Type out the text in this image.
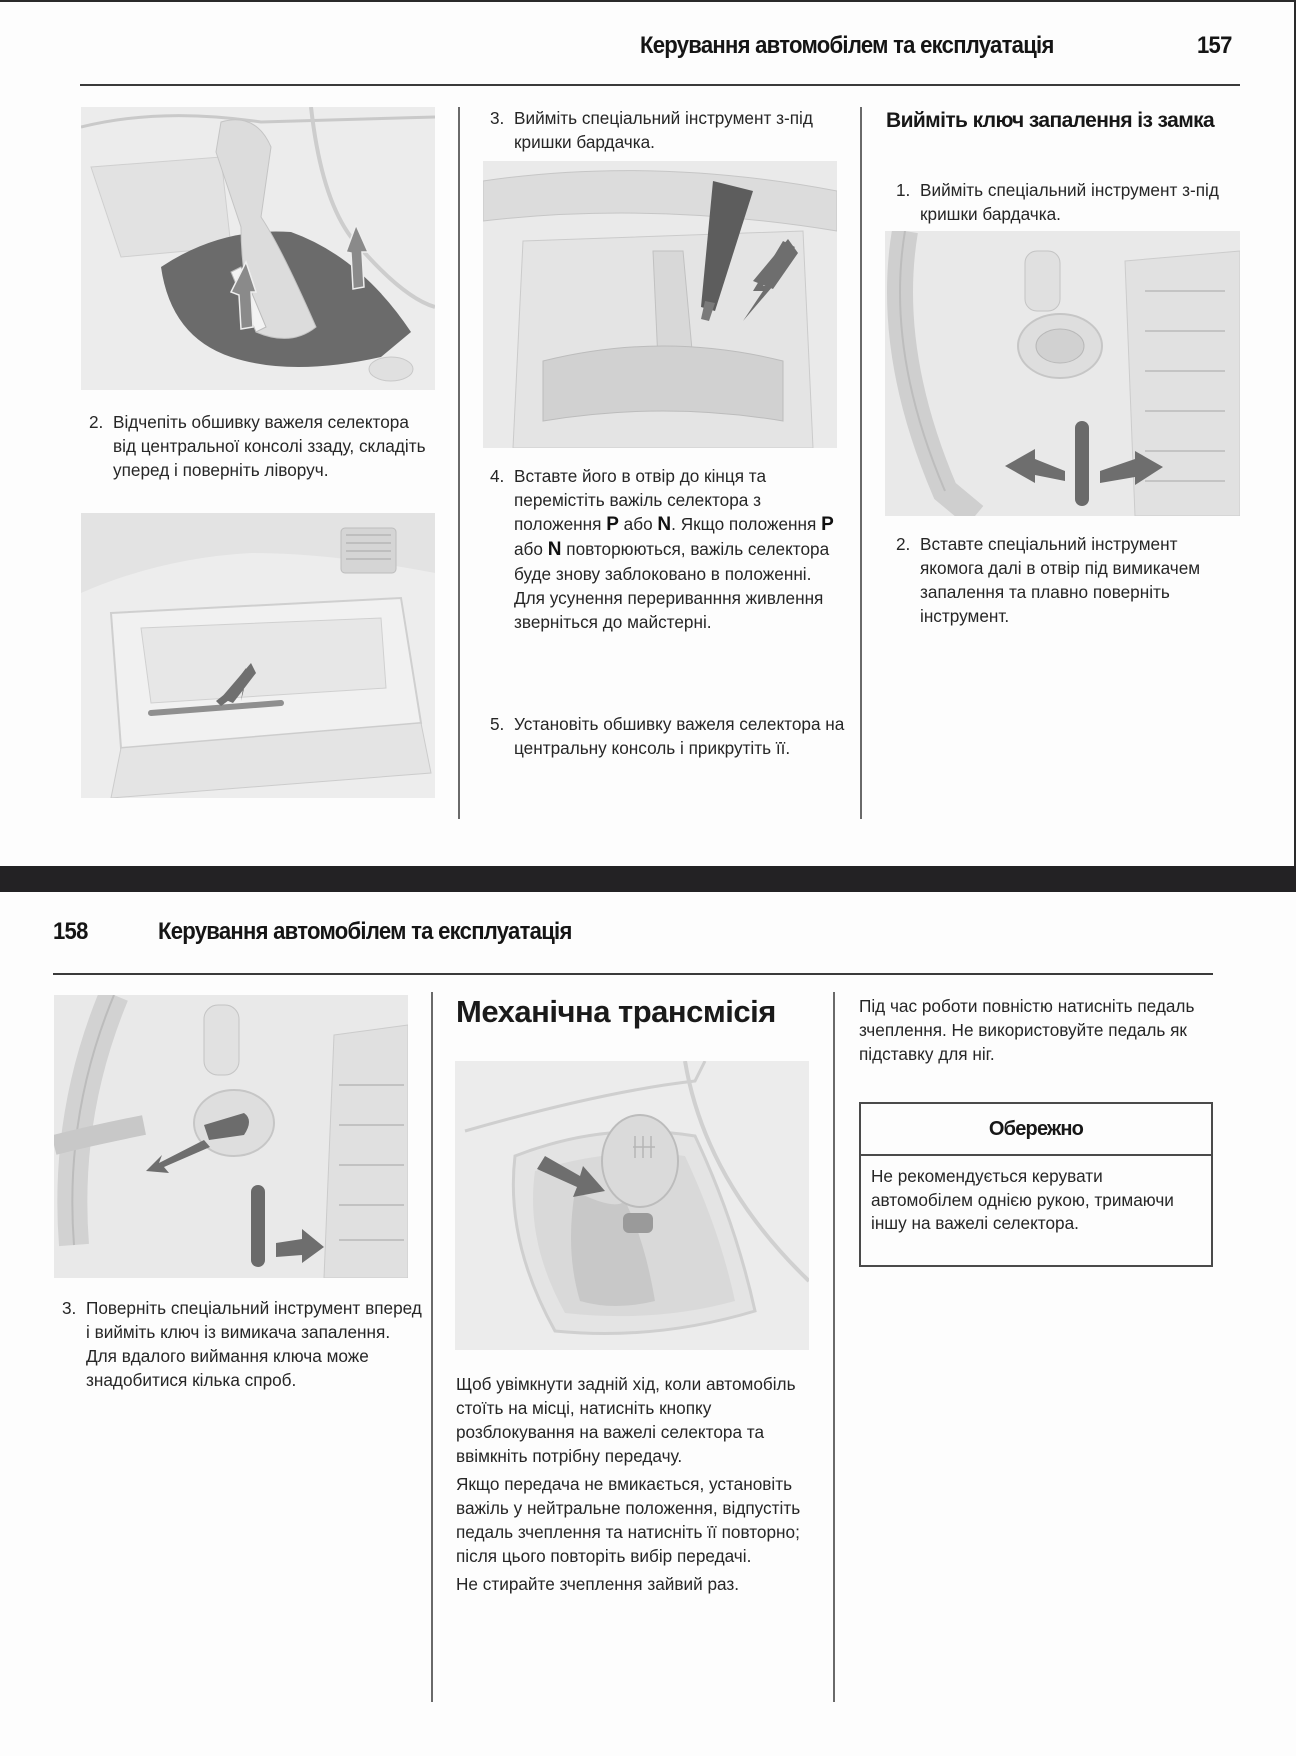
Керування автомобілем та експлуатація	157
2. Відчепіть обшивку важеля селектора від центральної консолі ззаду, складіть уперед і поверніть ліворуч.
3. Вийміть спеціальний інструмент з-під кришки бардачка.
4. Вставте його в отвір до кінця та перемістіть важіль селектора з положення P або N. Якщо положення P або N повторюються, важіль селектора буде знову заблоковано в положенні. Для усунення перериванння живлення зверніться до майстерні.
5. Установіть обшивку важеля селектора на центральну консоль і прикрутіть її.
Вийміть ключ запалення із замка
1. Вийміть спеціальний інструмент з-під кришки бардачка.
2. Вставте спеціальний інструмент якомога далі в отвір під вимикачем запалення та плавно поверніть інструмент.
158	Керування автомобілем та експлуатація
3. Поверніть спеціальний інструмент вперед і вийміть ключ із вимикача запалення. Для вдалого виймання ключа може знадобитися кілька спроб.
Механічна трансмісія
Щоб увімкнути задній хід, коли автомобіль стоїть на місці, натисніть кнопку розблокування на важелі селектора та ввімкніть потрібну передачу.
Якщо передача не вмикається, установіть важіль у нейтральне положення, відпустіть педаль зчеплення та натисніть її повторно; після цього повторіть вибір передачі.
Не стирайте зчеплення зайвий раз.
Під час роботи повністю натисніть педаль зчеплення. Не використовуйте педаль як підставку для ніг.
Обережно
Не рекомендується керувати автомобілем однією рукою, тримаючи іншу на важелі селектора.
